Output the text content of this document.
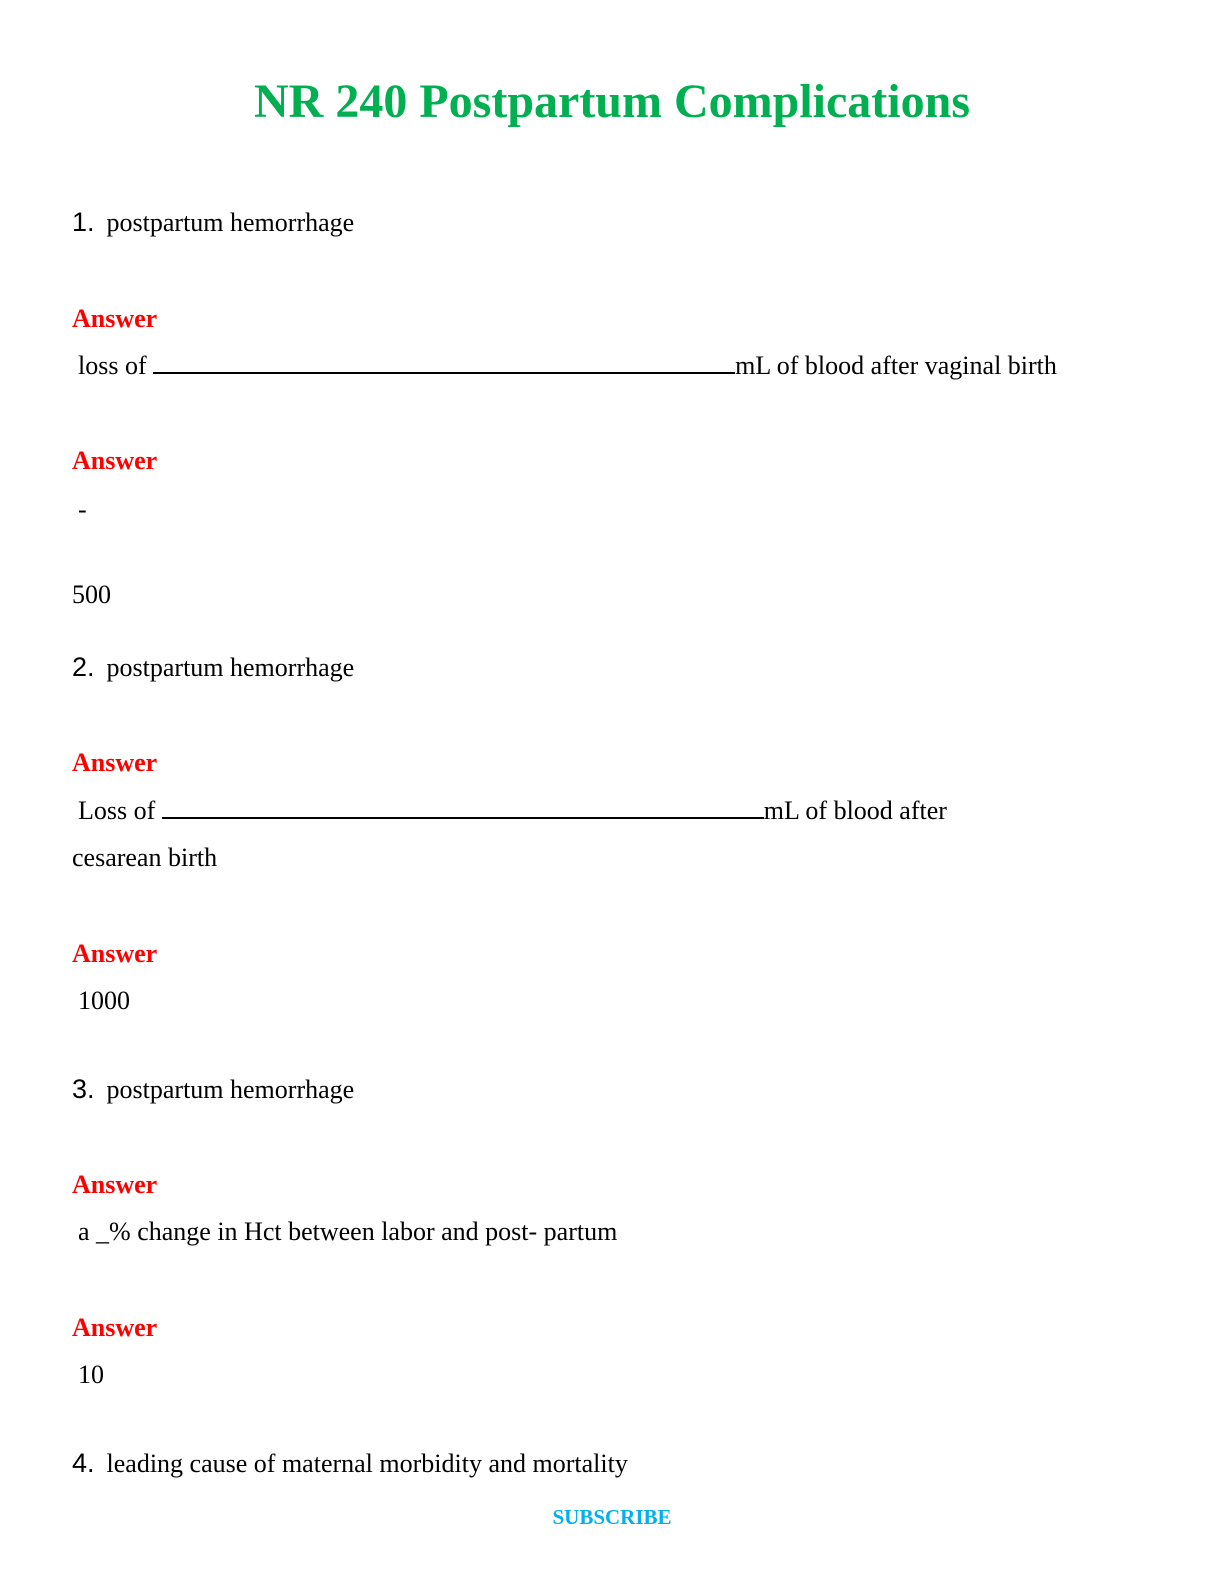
NR 240 Postpartum Complications
1. postpartum hemorrhage
Answer
loss of	mL of blood after vaginal birth
Answer
-
500
2. postpartum hemorrhage
Answer
Loss of	mL of blood after
cesarean birth
Answer
1000
3. postpartum hemorrhage
Answer
a _% change in Hct between labor and post- partum
Answer
10
4. leading cause of maternal morbidity and mortality
SUBSCRIBE
